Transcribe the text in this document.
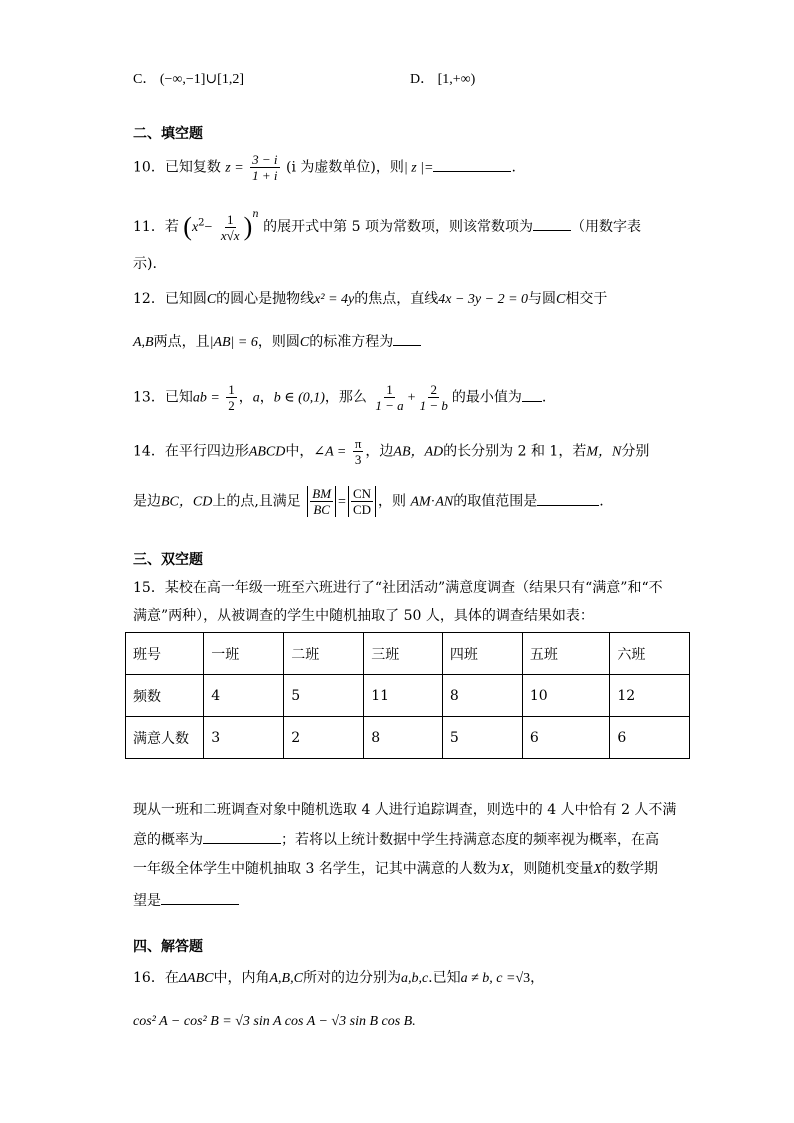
C． (−∞,−1]∪[1,2]	D． [1,+∞)
二、填空题
10．已知复数 $z = \frac{3 - i}{1 + i} (i$ 为虚数单位)，则| z |=	.
11．若 $(x^2- \frac{1}{x√x} )^n$ 的展开式中第 5 项为常数项，则该常数项为	（用数字表
示).
12．已知圆C的圆心是抛物线x² = 4y的焦点，直线4x − 3y − 2 = 0与圆C相交于
A,B两点，且|AB| = 6，则圆C的标准方程为
13．已知ab = $\frac{1}{2}$ ，a，b ∈ (0,1)，那么 $\frac{1}{1 - a} + \frac{2}{1 - b}$ 的最小值为 .
14．在平行四边形ABCD中，∠A = $\frac{\pi}{3}$ ，边AB，AD的长分别为 2 和 1，若M，N分别
是边BC，CD上的点,且满足 $\frac{BM}{BC} = \frac{CN}{CD}$ ，则 AM·AN的取值范围是	.
三、双空题
15．某校在高一年级一班至六班进行了“社团活动”满意度调查（结果只有“满意”和“不
满意”两种），从被调查的学生中随机抽取了 50 人，具体的调查结果如表：
班号	一班	二班	三班	四班	五班	六班
频数	4	5	11	8	10	12
满意人数	3	2	8	5	6	6
现从一班和二班调查对象中随机选取 4 人进行追踪调查，则选中的 4 人中恰有 2 人不满
意的概率为	；若将以上统计数据中学生持满意态度的频率视为概率，在高
一年级全体学生中随机抽取 3 名学生，记其中满意的人数为X，则随机变量X的数学期
望是
四、解答题
16．在ΔABC中，内角A,B,C所对的边分别为a,b,c.已知a ≠ b, c =√3，
cos² A − cos² B = √3 sin A cos A − √3 sin B cos B.
